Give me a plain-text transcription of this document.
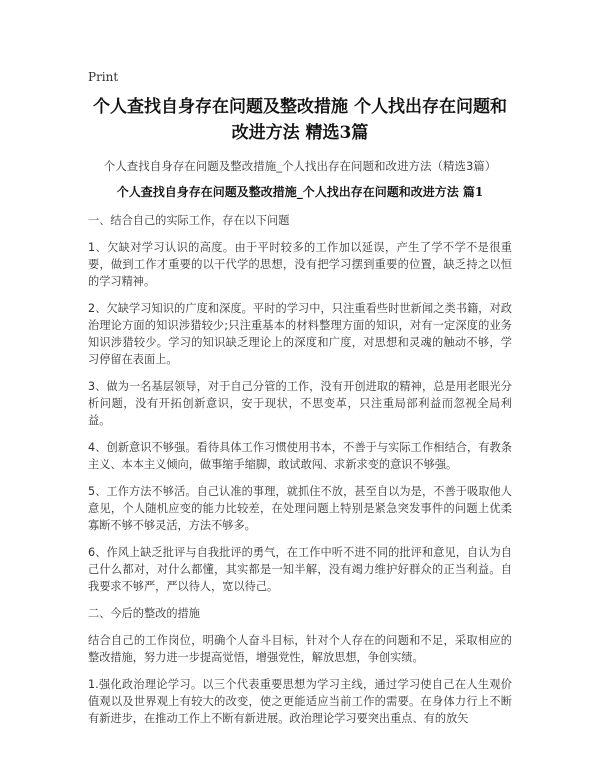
Print
个人查找自身存在问题及整改措施 个人找出存在问题和改进方法 精选3篇

个人查找自身存在问题及整改措施_个人找出存在问题和改进方法（精选3篇）

个人查找自身存在问题及整改措施_个人找出存在问题和改进方法 篇1

一、结合自己的实际工作，存在以下问题

1、欠缺对学习认识的高度。由于平时较多的工作加以延误，产生了学不学不是很重要，做到工作才重要的以干代学的思想，没有把学习摆到重要的位置，缺乏持之以恒的学习精神。

2、欠缺学习知识的广度和深度。平时的学习中，只注重看些时世新闻之类书籍，对政治理论方面的知识涉猎较少;只注重基本的材料整理方面的知识，对有一定深度的业务知识涉猎较少。学习的知识缺乏理论上的深度和广度，对思想和灵魂的触动不够，学习停留在表面上。

3、做为一名基层领导，对于自己分管的工作，没有开创进取的精神，总是用老眼光分析问题，没有开拓创新意识，安于现状，不思变革，只注重局部利益而忽视全局利益。

4、创新意识不够强。看待具体工作习惯使用书本，不善于与实际工作相结合，有教条主义、本本主义倾向，做事缩手缩脚，敢试敢闯、求新求变的意识不够强。

5、工作方法不够活。自己认准的事理，就抓住不放，甚至自以为是，不善于吸取他人意见，个人随机应变的能力比较差，在处理问题上特别是紧急突发事件的问题上优柔寡断不够不够灵活，方法不够多。

6、作风上缺乏批评与自我批评的勇气，在工作中听不进不同的批评和意见，自认为自己什么都对，对什么都懂，其实都是一知半解，没有竭力维护好群众的正当利益。自我要求不够严，严以待人，宽以待己。

二、今后的整改的措施

结合自己的工作岗位，明确个人奋斗目标，针对个人存在的问题和不足，采取相应的整改措施，努力进一步提高觉悟，增强党性，解放思想，争创实绩。

1.强化政治理论学习。以三个代表重要思想为学习主线，通过学习使自己在人生观价值观以及世界观上有较大的改变，使之更能适应当前工作的需要。在身体力行上不断有新进步，在推动工作上不断有新进展。政治理论学习要突出重点、有的放矢
